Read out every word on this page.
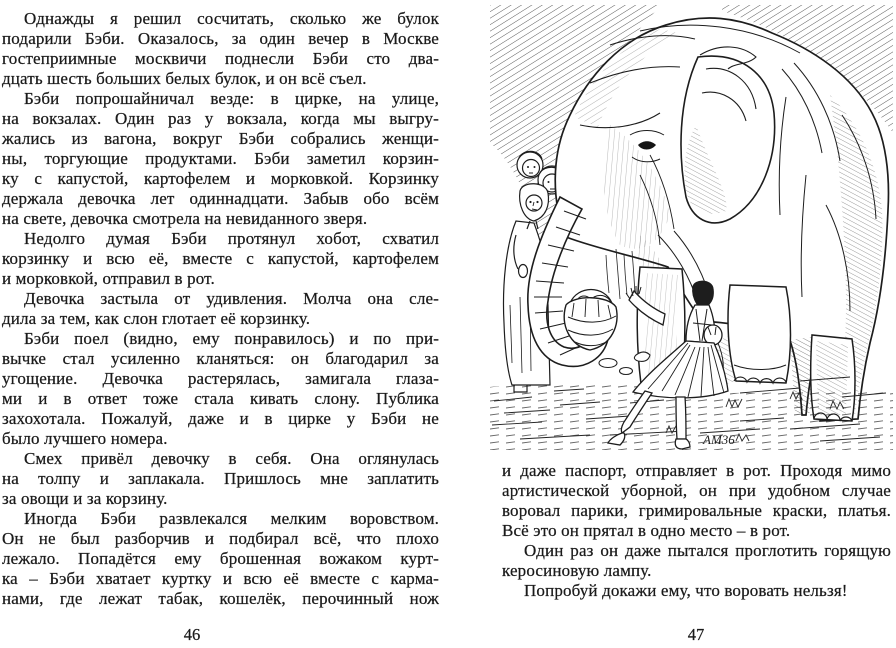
Однажды я решил сосчитать, сколько же булок
подарили Бэби. Оказалось, за один вечер в Москве
гостеприимные москвичи поднесли Бэби сто два-
дцать шесть больших белых булок, и он всё съел.
Бэби попрошайничал везде: в цирке, на улице,
на вокзалах. Один раз у вокзала, когда мы выгру-
жались из вагона, вокруг Бэби собрались женщи-
ны, торгующие продуктами. Бэби заметил корзин-
ку с капустой, картофелем и морковкой. Корзинку
держала девочка лет одиннадцати. Забыв обо всём
на свете, девочка смотрела на невиданного зверя.
Недолго думая Бэби протянул хобот, схватил
корзинку и всю её, вместе с капустой, картофелем
и морковкой, отправил в рот.
Девочка застыла от удивления. Молча она сле-
дила за тем, как слон глотает её корзинку.
Бэби поел (видно, ему понравилось) и по при-
вычке стал усиленно кланяться: он благодарил за
угощение. Девочка растерялась, замигала глаза-
ми и в ответ тоже стала кивать слону. Публика
захохотала. Пожалуй, даже и в цирке у Бэби не
было лучшего номера.
Смех привёл девочку в себя. Она оглянулась
на толпу и заплакала. Пришлось мне заплатить
за овощи и за корзину.
Иногда Бэби развлекался мелким воровством.
Он не был разборчив и подбирал всё, что плохо
лежало. Попадётся ему брошенная вожаком курт-
ка – Бэби хватает куртку и всю её вместе с карма-
нами, где лежат табак, кошелёк, перочинный нож
АМ36
и даже паспорт, отправляет в рот. Проходя мимо
артистической уборной, он при удобном случае
воровал парики, гримировальные краски, платья.
Всё это он прятал в одно место – в рот.
Один раз он даже пытался проглотить горящую
керосиновую лампу.
Попробуй докажи ему, что воровать нельзя!
46	47
